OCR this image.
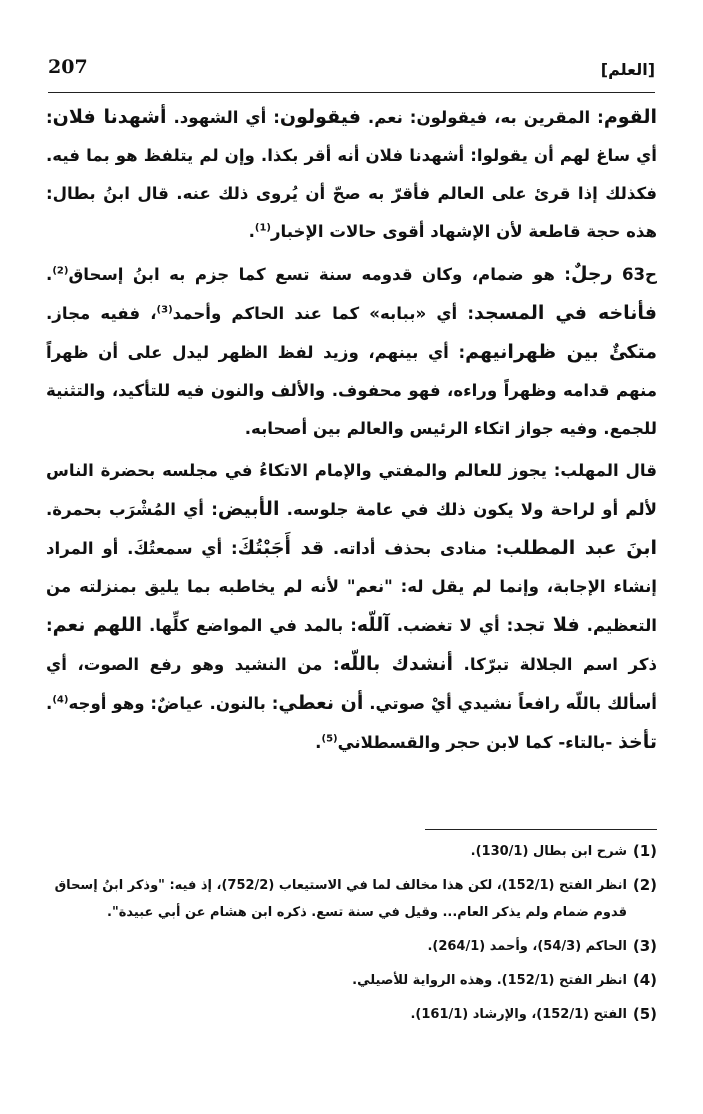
207	[العلم]

القوم: المقرين به، فيقولون: نعم. فيقولون: أي الشهود. أشهدنا فلان: أي ساغ لهم أن يقولوا: أشهدنا فلان أنه أقر بكذا. وإن لم يتلفظ هو بما فيه. فكذلك إذا قرئ على العالم فأقرّ به صحّ أن يُروى ذلك عنه. قال ابنُ بطال: هذه حجة قاطعة لأن الإشهاد أقوى حالات الإخبار$^{(1)}$.

ح63 رجلٌ: هو ضمام، وكان قدومه سنة تسع كما جزم به ابنُ إسحاق$^{(2)}$. فأناخه في المسجد: أي «ببابه» كما عند الحاكم وأحمد$^{(3)}$، ففيه مجاز. متكئٌ بين ظهرانيهم: أي بينهم، وزيد لفظ الظهر ليدل على أن ظهراً منهم قدامه وظهراً وراءه، فهو محفوف. والألف والنون فيه للتأكيد، والتثنية للجمع. وفيه جواز اتكاء الرئيس والعالم بين أصحابه.

قال المهلب: يجوز للعالم والمفتي والإمام الاتكاءُ في مجلسه بحضرة الناس لألم أو لراحة ولا يكون ذلك في عامة جلوسه. الأبيض: أي المُشْرَب بحمرة. ابنَ عبد المطلب: منادى بحذف أداته. قد أَجَبْتُكَ: أي سمعتُكَ. أو المراد إنشاء الإجابة، وإنما لم يقل له: "نعم" لأنه لم يخاطبه بما يليق بمنزلته من التعظيم. فلا تجد: أي لا تغضب. آللّه: بالمد في المواضع كلِّها. اللهم نعم: ذكر اسم الجلالة تبرّكا. أنشدك باللّه: من النشيد وهو رفع الصوت، أي أسألك باللّه رافعاً نشيدي أيْ صوتي. أن نعطي: بالنون. عياضٌ: وهو أوجه$^{(4)}$. تأخذ -بالتاء- كما لابن حجر والقسطلاني$^{(5)}$.

(1)
شرح ابن بطال (130/1).
(2)
انظر الفتح (152/1)، لكن هذا مخالف لما في الاستيعاب (752/2)، إذ فيه: "وذكر ابنُ إسحاق قدوم ضمام ولم يذكر العام... وقيل في سنة تسع. ذكره ابن هشام عن أبي عبيدة".
(3)
الحاكم (54/3)، وأحمد (264/1).
(4)
انظر الفتح (152/1). وهذه الرواية للأصيلي.
(5)
الفتح (152/1)، والإرشاد (161/1).
